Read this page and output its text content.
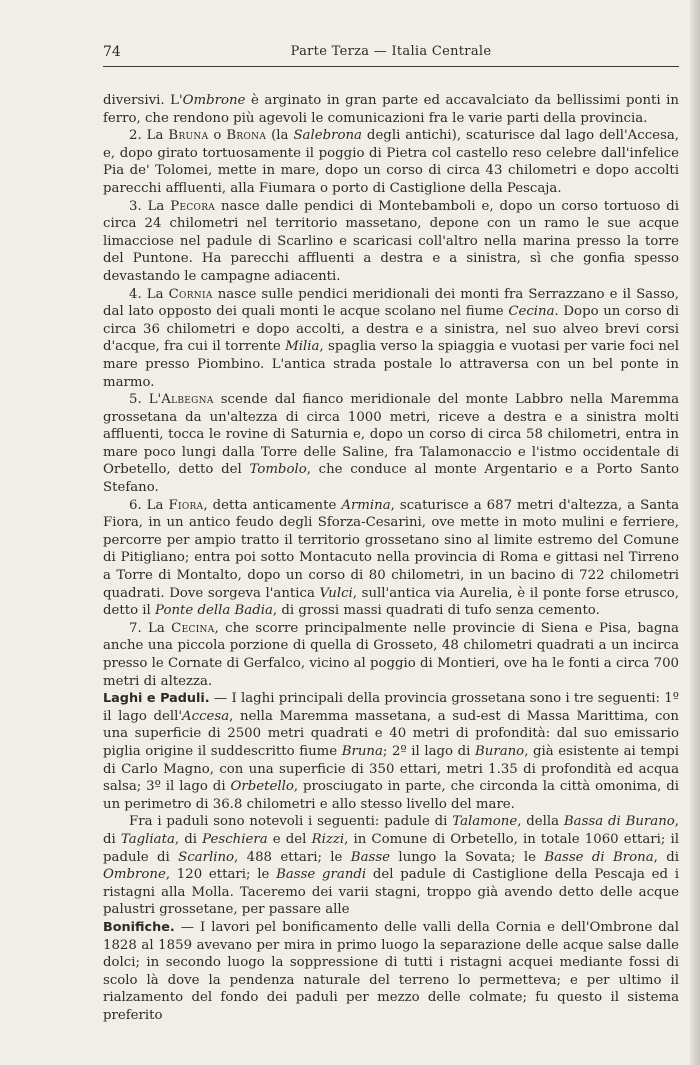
74	Parte Terza — Italia Centrale

diversivi. L'Ombrone è arginato in gran parte ed accavalciato da bellissimi ponti in ferro, che rendono più agevoli le comunicazioni fra le varie parti della provincia.

2. La Bruna o Brona (la Salebrona degli antichi), scaturisce dal lago dell'Accesa, e, dopo girato tortuosamente il poggio di Pietra col castello reso celebre dall'infelice Pia de' Tolomei, mette in mare, dopo un corso di circa 43 chilometri e dopo accolti parecchi affluenti, alla Fiumara o porto di Castiglione della Pescaja.

3. La Pecora nasce dalle pendici di Montebamboli e, dopo un corso tortuoso di circa 24 chilometri nel territorio massetano, depone con un ramo le sue acque limacciose nel padule di Scarlino e scaricasi coll'altro nella marina presso la torre del Puntone. Ha parecchi affluenti a destra e a sinistra, sì che gonfia spesso devastando le campagne adiacenti.

4. La Cornia nasce sulle pendici meridionali dei monti fra Serrazzano e il Sasso, dal lato opposto dei quali monti le acque scolano nel fiume Cecina. Dopo un corso di circa 36 chilometri e dopo accolti, a destra e a sinistra, nel suo alveo brevi corsi d'acque, fra cui il torrente Milia, spaglia verso la spiaggia e vuotasi per varie foci nel mare presso Piombino. L'antica strada postale lo attraversa con un bel ponte in marmo.

5. L'Albegna scende dal fianco meridionale del monte Labbro nella Maremma grossetana da un'altezza di circa 1000 metri, riceve a destra e a sinistra molti affluenti, tocca le rovine di Saturnia e, dopo un corso di circa 58 chilometri, entra in mare poco lungi dalla Torre delle Saline, fra Talamonaccio e l'istmo occidentale di Orbetello, detto del Tombolo, che conduce al monte Argentario e a Porto Santo Stefano.

6. La Fiora, detta anticamente Armina, scaturisce a 687 metri d'altezza, a Santa Fiora, in un antico feudo degli Sforza-Cesarini, ove mette in moto mulini e ferriere, percorre per ampio tratto il territorio grossetano sino al limite estremo del Comune di Pitigliano; entra poi sotto Montacuto nella provincia di Roma e gittasi nel Tirreno a Torre di Montalto, dopo un corso di 80 chilometri, in un bacino di 722 chilometri quadrati. Dove sorgeva l'antica Vulci, sull'antica via Aurelia, è il ponte forse etrusco, detto il Ponte della Badia, di grossi massi quadrati di tufo senza cemento.

7. La Cecina, che scorre principalmente nelle provincie di Siena e Pisa, bagna anche una piccola porzione di quella di Grosseto, 48 chilometri quadrati a un incirca presso le Cornate di Gerfalco, vicino al poggio di Montieri, ove ha le fonti a circa 700 metri di altezza.

Laghi e Paduli. — I laghi principali della provincia grossetana sono i tre seguenti: 1º il lago dell'Accesa, nella Maremma massetana, a sud-est di Massa Marittima, con una superficie di 2500 metri quadrati e 40 metri di profondità: dal suo emissario piglia origine il suddescritto fiume Bruna; 2º il lago di Burano, già esistente ai tempi di Carlo Magno, con una superficie di 350 ettari, metri 1.35 di profondità ed acqua salsa; 3º il lago di Orbetello, prosciugato in parte, che circonda la città omonima, di un perimetro di 36.8 chilometri e allo stesso livello del mare.

Fra i paduli sono notevoli i seguenti: padule di Talamone, della Bassa di Burano, di Tagliata, di Peschiera e del Rizzi, in Comune di Orbetello, in totale 1060 ettari; il padule di Scarlino, 488 ettari; le Basse lungo la Sovata; le Basse di Brona, di Ombrone, 120 ettari; le Basse grandi del padule di Castiglione della Pescaja ed i ristagni alla Molla. Taceremo dei varii stagni, troppo già avendo detto delle acque palustri grossetane, per passare alle

Bonifiche. — I lavori pel bonificamento delle valli della Cornia e dell'Ombrone dal 1828 al 1859 avevano per mira in primo luogo la separazione delle acque salse dalle dolci; in secondo luogo la soppressione di tutti i ristagni acquei mediante fossi di scolo là dove la pendenza naturale del terreno lo permetteva; e per ultimo il rialzamento del fondo dei paduli per mezzo delle colmate; fu questo il sistema preferito
